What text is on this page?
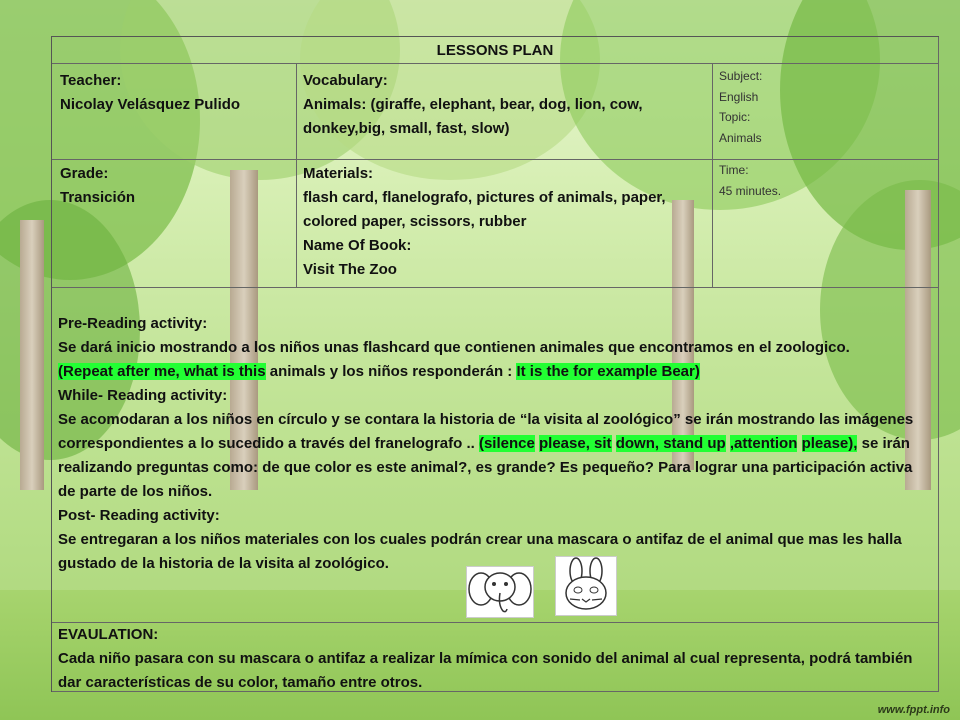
LESSONS PLAN
Teacher:
Nicolay Velásquez Pulido
Vocabulary:
Animals: (giraffe, elephant, bear, dog, lion, cow, donkey,big, small, fast, slow)
Subject:
English
Topic:
Animals
Grade:
Transición
Materials:
flash card, flanelografo, pictures of animals, paper, colored paper, scissors, rubber
Name Of Book:
Visit The Zoo
Time:
45 minutes.
Pre-Reading activity:
Se dará inicio mostrando a los niños unas flashcard que contienen animales que encontramos en el zoologico.
(Repeat after me, what is this animals y los niños responderán : It is the for example Bear)
While- Reading activity:
Se acomodaran a los niños en círculo y se contara la historia de “la visita al zoológico” se irán mostrando las imágenes correspondientes a lo sucedido a través del franelografo .. (silence please, sit down, stand up ,attention please), se irán realizando preguntas como: de que color es este animal?, es grande? Es pequeño? Para lograr una participación activa de parte de los niños.
Post- Reading activity:
Se entregaran a los niños materiales con los cuales podrán crear una mascara o antifaz de el animal que mas les halla gustado de la historia de la visita al zoológico.
EVAULATION:
Cada niño pasara con su mascara o antifaz a realizar la mímica con sonido del animal al cual representa, podrá también dar características de su color, tamaño entre otros.
www.fppt.info
